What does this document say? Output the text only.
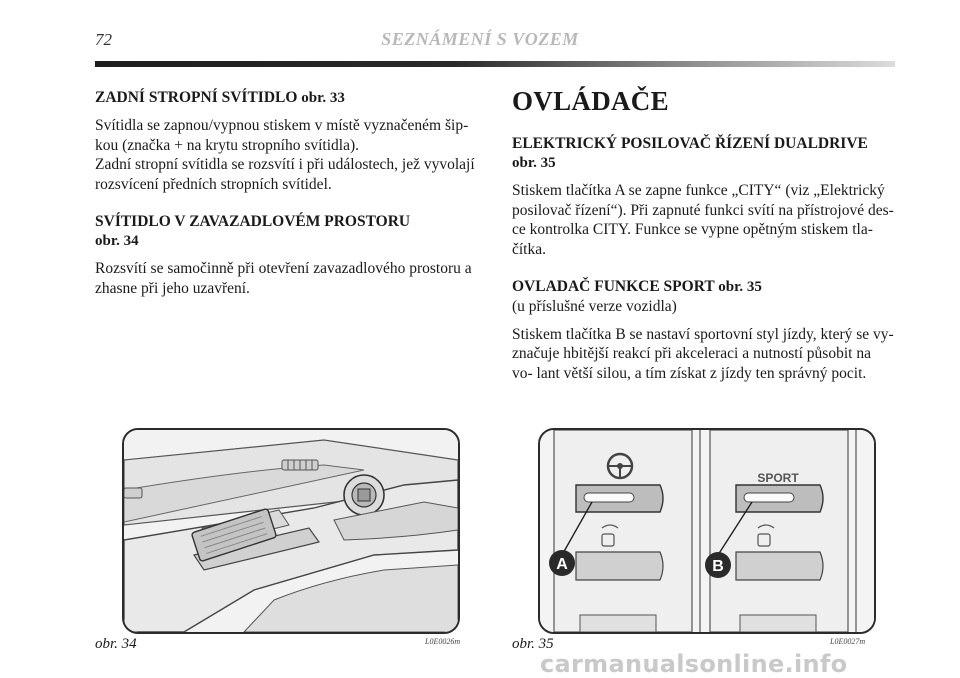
72	SEZNÁMENÍ S VOZEM
ZADNÍ STROPNÍ SVÍTIDLO obr. 33

Svítidla se zapnou/vypnou stiskem v místě vyznačeném šip- kou (značka + na krytu stropního svítidla).

Zadní stropní svítidla se rozsvítí i při událostech, jež vyvolají rozsvícení předních stropních svítidel.

SVÍTIDLO V ZAVAZADLOVÉM PROSTORU
obr. 34

Rozsvítí se samočinně při otevření zavazadlového prostoru a zhasne při jeho uzavření.

OVLÁDAČE
ELEKTRICKÝ POSILOVAČ ŘÍZENÍ DUALDRIVE
obr. 35

Stiskem tlačítka A se zapne funkce „CITY“ (viz „Elektrický posilovač řízení“). Při zapnuté funkci svítí na přístrojové des- ce kontrolka CITY. Funkce se vypne opětným stiskem tla- čítka.

OVLADAČ FUNKCE SPORT obr. 35
(u příslušné verze vozidla)

Stiskem tlačítka B se nastaví sportovní styl jízdy, který se vy- značuje hbitější reakcí při akceleraci a nutností působit na vo- lant větší silou, a tím získat z jízdy ten správný pocit.

obr. 34	L0E0026m
SPORT
A	B
obr. 35	L0E0027m
carmanualsonline.info
